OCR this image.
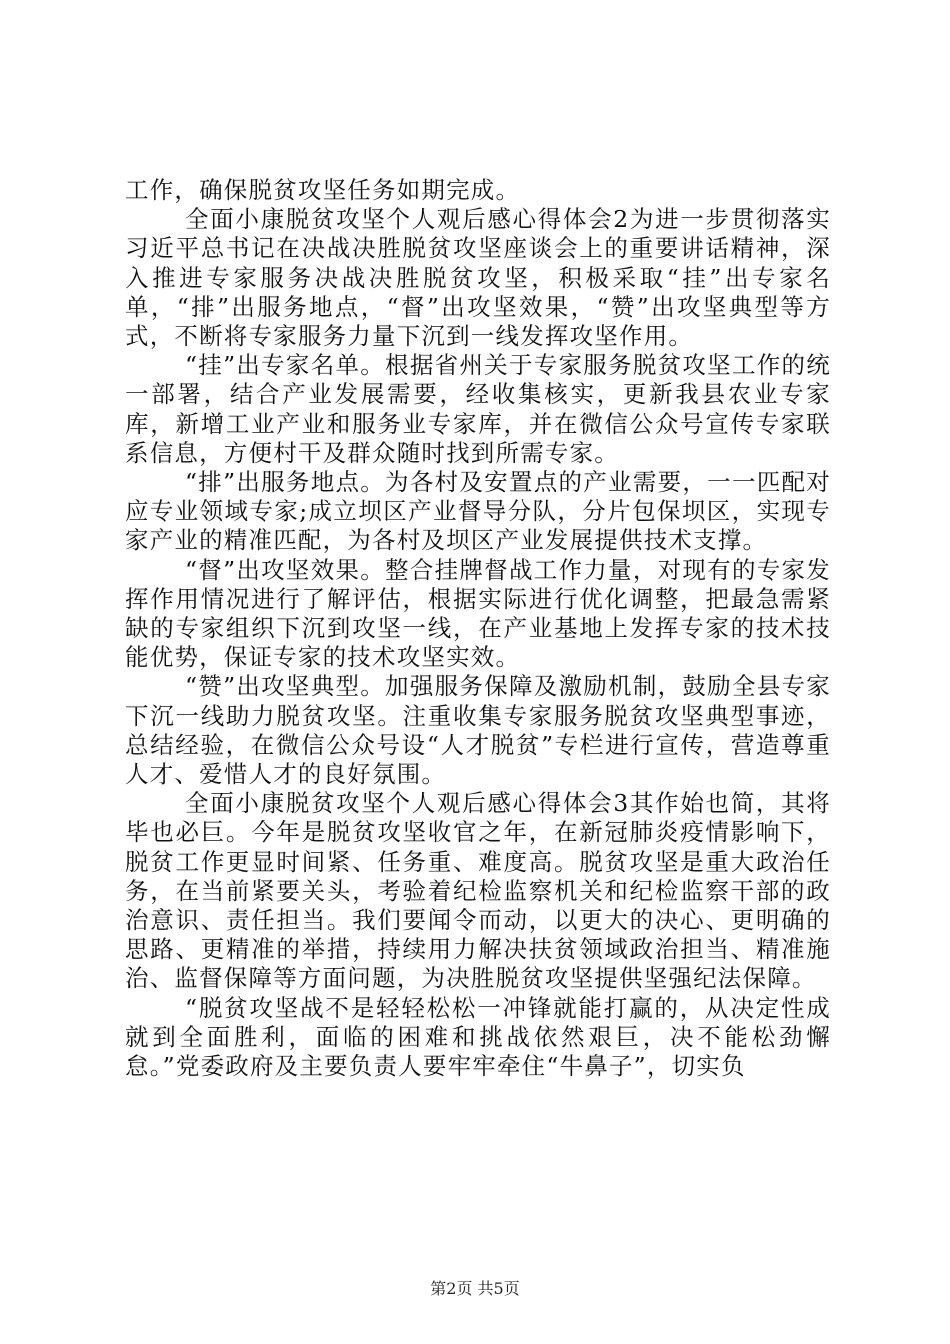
工作，确保脱贫攻坚任务如期完成。

全面小康脱贫攻坚个人观后感心得体会2为进一步贯彻落实习近平总书记在决战决胜脱贫攻坚座谈会上的重要讲话精神，深入推进专家服务决战决胜脱贫攻坚，积极采取“挂”出专家名单，“排”出服务地点，“督”出攻坚效果，“赞”出攻坚典型等方式，不断将专家服务力量下沉到一线发挥攻坚作用。

“挂”出专家名单。根据省州关于专家服务脱贫攻坚工作的统一部署，结合产业发展需要，经收集核实，更新我县农业专家库，新增工业产业和服务业专家库，并在微信公众号宣传专家联系信息，方便村干及群众随时找到所需专家。

“排”出服务地点。为各村及安置点的产业需要，一一匹配对应专业领域专家;成立坝区产业督导分队，分片包保坝区，实现专家产业的精准匹配，为各村及坝区产业发展提供技术支撑。

“督”出攻坚效果。整合挂牌督战工作力量，对现有的专家发挥作用情况进行了解评估，根据实际进行优化调整，把最急需紧缺的专家组织下沉到攻坚一线，在产业基地上发挥专家的技术技能优势，保证专家的技术攻坚实效。

“赞”出攻坚典型。加强服务保障及激励机制，鼓励全县专家下沉一线助力脱贫攻坚。注重收集专家服务脱贫攻坚典型事迹，总结经验，在微信公众号设“人才脱贫”专栏进行宣传，营造尊重人才、爱惜人才的良好氛围。

全面小康脱贫攻坚个人观后感心得体会3其作始也简，其将毕也必巨。今年是脱贫攻坚收官之年，在新冠肺炎疫情影响下，脱贫工作更显时间紧、任务重、难度高。脱贫攻坚是重大政治任务，在当前紧要关头，考验着纪检监察机关和纪检监察干部的政治意识、责任担当。我们要闻令而动，以更大的决心、更明确的思路、更精准的举措，持续用力解决扶贫领域政治担当、精准施治、监督保障等方面问题，为决胜脱贫攻坚提供坚强纪法保障。

“脱贫攻坚战不是轻轻松松一冲锋就能打赢的，从决定性成就到全面胜利，面临的困难和挑战依然艰巨，决不能松劲懈怠。”党委政府及主要负责人要牢牢牵住“牛鼻子”，切实负

第2页 共5页
